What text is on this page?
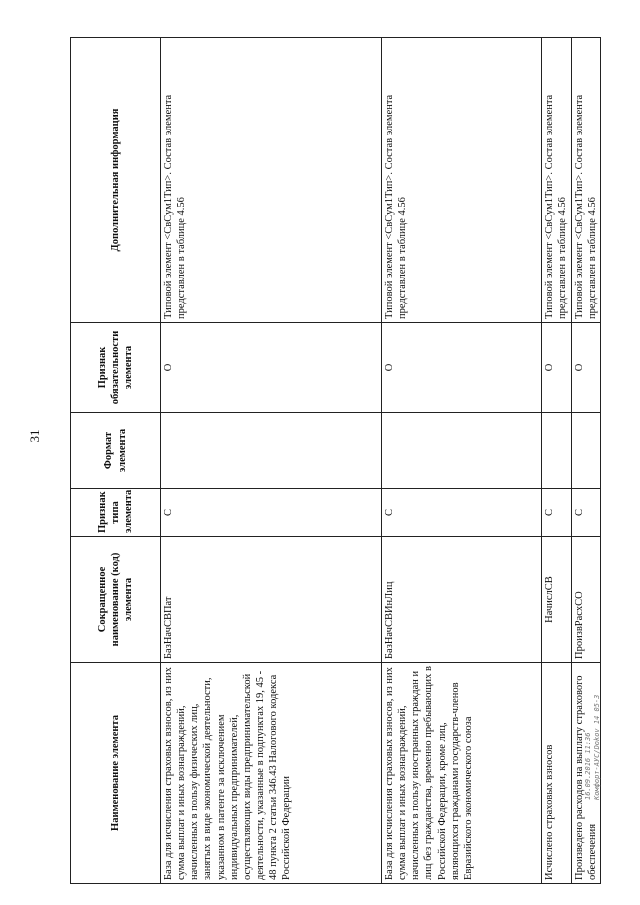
31
Наименование элемента	Сокращенное наименование (код) элемента	Признак типа элемента	Формат элемента	Признак обязательности элемента	Дополнительная информация
База для исчисления страховых взносов, из них сумма выплат и иных вознаграждений, начисленных в пользу физических лиц, занятых в виде экономической деятельности, указанном в патенте за исключением индивидуальных предпринимателей, осуществляющих виды предпринимательской деятельности, указанные в подпунктах 19, 45 - 48 пункта 2 статьи 346.43 Налогового кодекса Российской Федерации	БазНачСВПат	С		О	Типовой элемент <СвСум1Тип>. Состав элемента представлен в таблице 4.56
База для исчисления страховых взносов, из них сумма выплат и иных вознаграждений, начисленных в пользу иностранных граждан и лиц без гражданства, временно пребывающих в Российской Федерации, кроме лиц, являющихся гражданами государств-членов Евразийского экономического союза	БазНачСВИнЛиц	С		О	Типовой элемент <СвСум1Тип>. Состав элемента представлен в таблице 4.56
Исчислено страховых взносов	НачислСВ	С		О	Типовой элемент <СвСум1Тип>. Состав элемента представлен в таблице 4.56
Произведено расходов на выплату страхового обеспечения	ПроизвРасхСО	С		О	Типовой элемент <СвСум1Тип>. Состав элемента представлен в таблице 4.56
16.09.2016 11:36 Комфорт-АУС/Dokov 14 05-3
